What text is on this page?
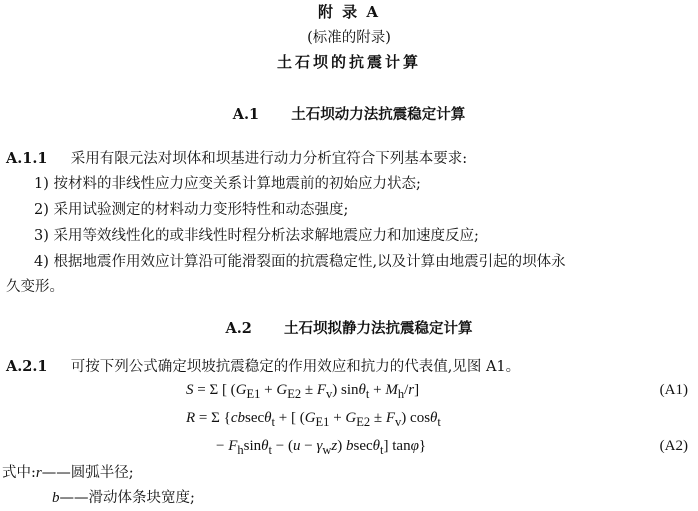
附 录 A
(标准的附录)
土石坝的抗震计算
A.1 土石坝动力法抗震稳定计算
A.1.1 采用有限元法对坝体和坝基进行动力分析宜符合下列基本要求:
1) 按材料的非线性应力应变关系计算地震前的初始应力状态;
2) 采用试验测定的材料动力变形特性和动态强度;
3) 采用等效线性化的或非线性时程分析法求解地震应力和加速度反应;
4) 根据地震作用效应计算沿可能滑裂面的抗震稳定性,以及计算由地震引起的坝体永
久变形。
A.2 土石坝拟静力法抗震稳定计算
A.2.1 可按下列公式确定坝坡抗震稳定的作用效应和抗力的代表值,见图 A1。
S = Σ [ $(G_{E1} + G_{E2} \pm F_v) \sin\theta_t + M_h/r$]	(A1)
R = Σ {cbsecθ$_t$ + [ $(G_{E1} + G_{E2} \pm F_v)$ cosθ$_t$
− $F_h\sin\theta_t - (u - \gamma_wz)$ bsecθ$_t$] tanφ}	(A2)
式中:r——圆弧半径;
b——滑动体条块宽度;
